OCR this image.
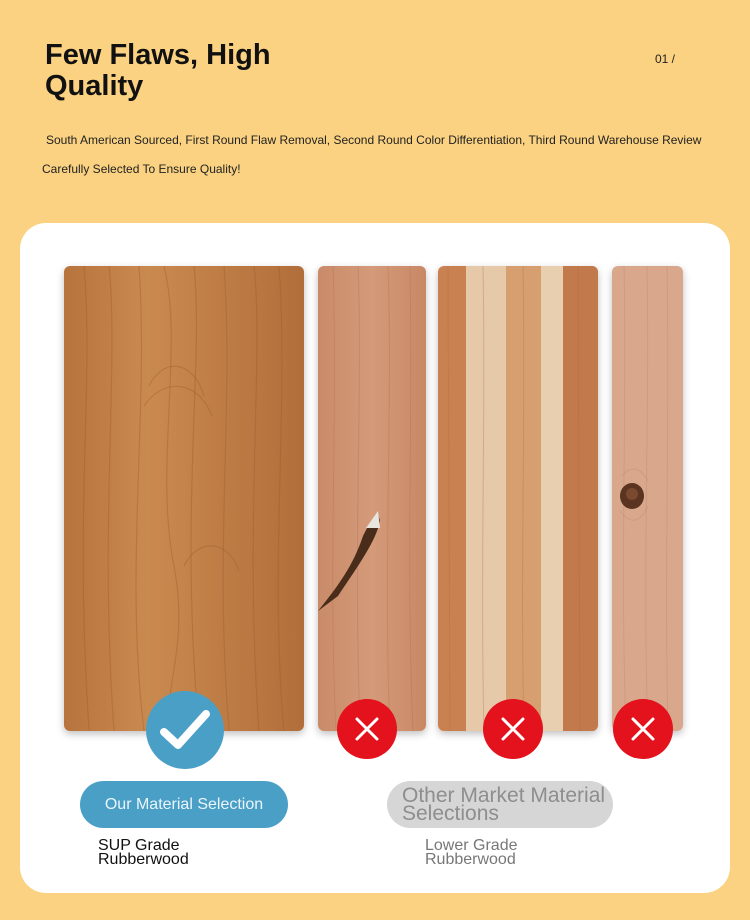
Few Flaws, High Quality
01 /
South American Sourced, First Round Flaw Removal, Second Round Color Differentiation, Third Round Warehouse Review
Carefully Selected To Ensure Quality!
Our Material Selection	Other Market Material Selections
SUP Grade Rubberwood
Lower Grade Rubberwood
